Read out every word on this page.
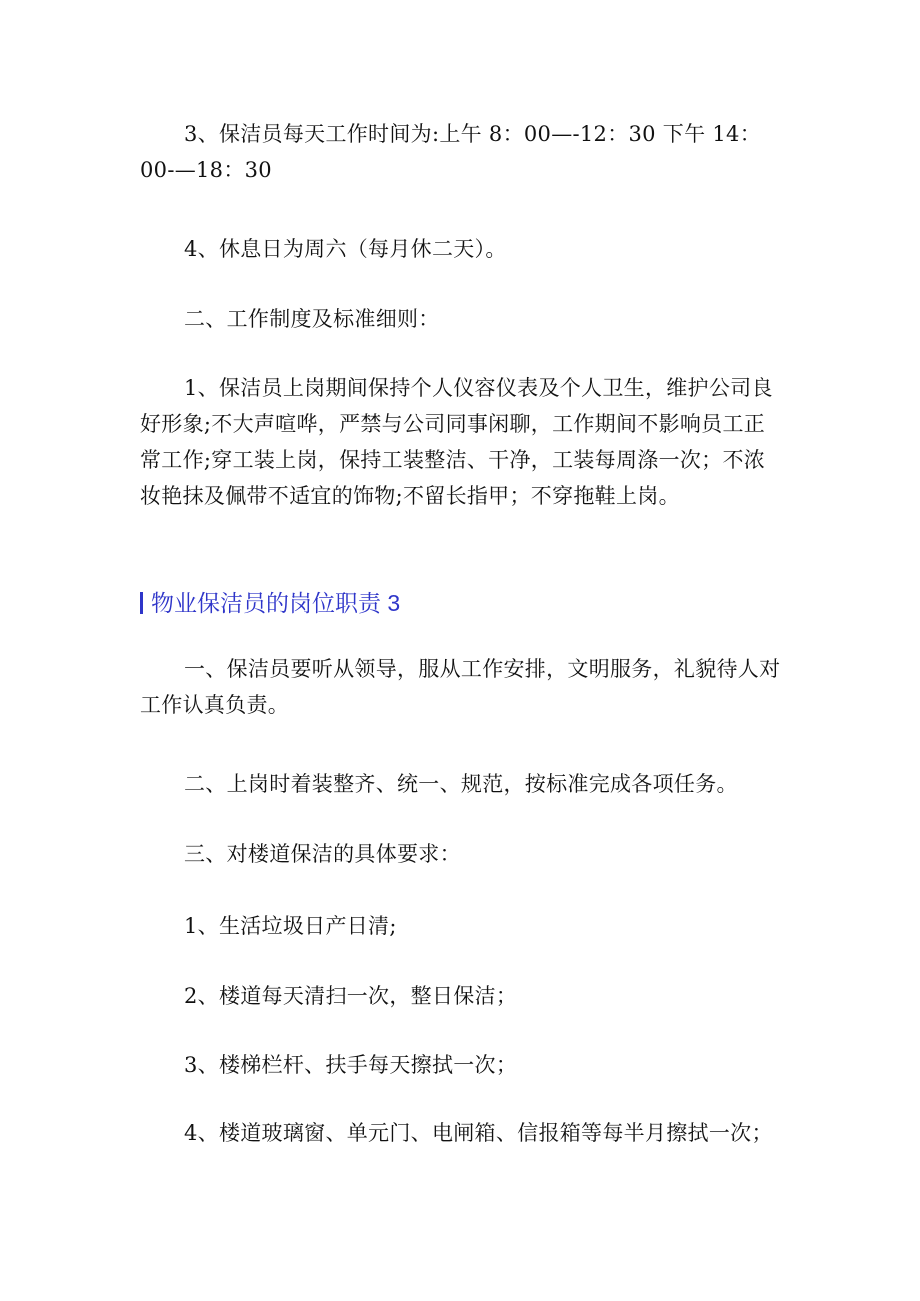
3、保洁员每天工作时间为:上午 8：00—-12：30 下午 14：00-—18：30

4、休息日为周六（每月休二天）。

二、工作制度及标准细则：

1、保洁员上岗期间保持个人仪容仪表及个人卫生，维护公司良好形象;不大声喧哗，严禁与公司同事闲聊，工作期间不影响员工正常工作;穿工装上岗，保持工装整洁、干净，工装每周涤一次；不浓妆艳抹及佩带不适宜的饰物;不留长指甲；不穿拖鞋上岗。

物业保洁员的岗位职责 3

一、保洁员要听从领导，服从工作安排，文明服务，礼貌待人对工作认真负责。

二、上岗时着装整齐、统一、规范，按标准完成各项任务。

三、对楼道保洁的具体要求：

1、生活垃圾日产日清;

2、楼道每天清扫一次，整日保洁；

3、楼梯栏杆、扶手每天擦拭一次；

4、楼道玻璃窗、单元门、电闸箱、信报箱等每半月擦拭一次；
